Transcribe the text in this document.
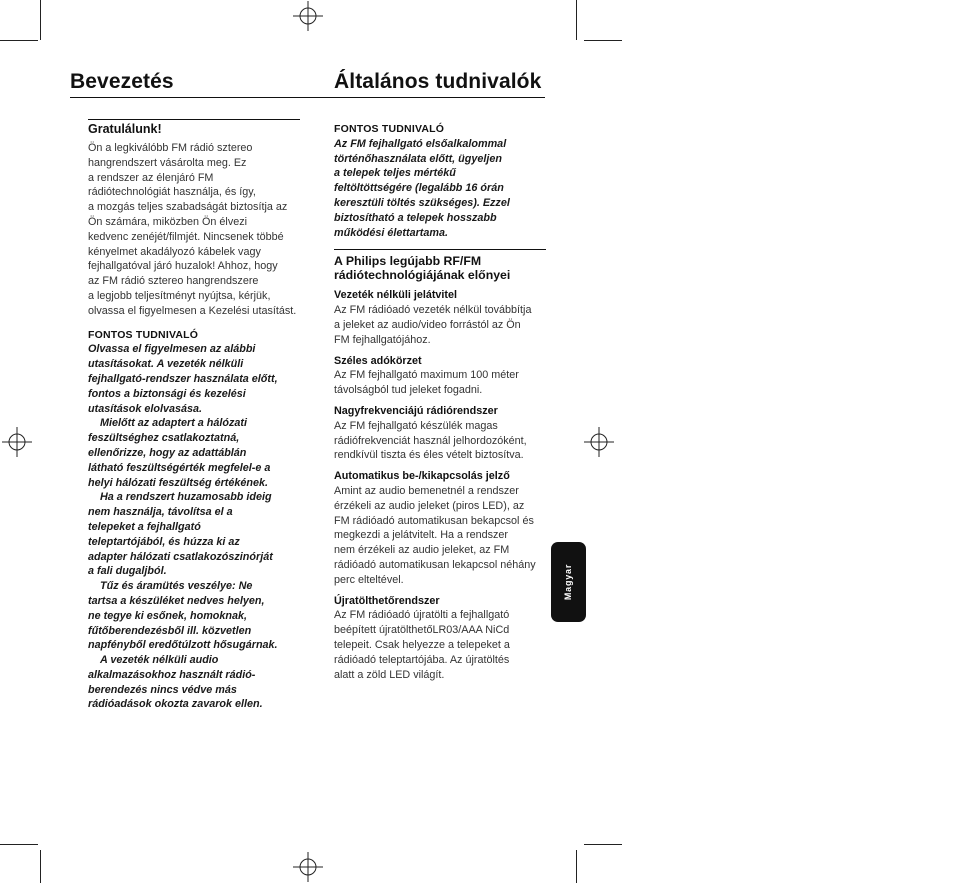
Bevezetés	Általános tudnivalók
Gratulálunk!

Ön a legkiválóbb FM rádió sztereo
hangrendszert vásárolta meg. Ez
a rendszer az élenjáró FM
rádiótechnológiát használja, és így,
a mozgás teljes szabadságát biztosítja az
Ön számára, miközben Ön élvezi
kedvenc zenéjét/filmjét. Nincsenek többé
kényelmet akadályozó kábelek vagy
fejhallgatóval járó huzalok! Ahhoz, hogy
az FM rádió sztereo hangrendszere
a legjobb teljesítményt nyújtsa, kérjük,
olvassa el figyelmesen a Kezelési utasítást.

FONTOS TUDNIVALÓ

Olvassa el figyelmesen az alábbi
utasításokat. A vezeték nélküli
fejhallgató-rendszer használata előtt,
fontos a biztonsági és kezelési
utasítások elolvasása.

Mielőtt az adaptert a hálózati
feszültséghez csatlakoztatná,
ellenőrizze, hogy az adattáblán
látható feszültségérték megfelel-e a
helyi hálózati feszültség értékének.

Ha a rendszert huzamosabb ideig
nem használja, távolítsa el a
telepeket a fejhallgató
teleptartójából, és húzza ki az
adapter hálózati csatlakozószinórját
a fali dugaljból.

Tűz és áramütés veszélye: Ne
tartsa a készüléket nedves helyen,
ne tegye ki esőnek, homoknak,
fűtőberendezésből ill. közvetlen
napfényből eredőtúlzott hősugárnak.

A vezeték nélküli audio
alkalmazásokhoz használt rádió-
berendezés nincs védve más
rádióadások okozta zavarok ellen.

FONTOS TUDNIVALÓ

Az FM fejhallgató elsőalkalommal
történőhasználata előtt, ügyeljen
a telepek teljes mértékű
feltöltöttségére (legalább 16 órán
keresztüli töltés szükséges). Ezzel
biztosítható a telepek hosszabb
működési élettartama.

A Philips legújabb RF/FM
rádiótechnológiájának előnyei
Vezeték nélküli jelátvitel

Az FM rádióadó vezeték nélkül továbbítja
a jeleket az audio/video forrástól az Ön
FM fejhallgatójához.

Széles adókörzet

Az FM fejhallgató maximum 100 méter
távolságból tud jeleket fogadni.

Nagyfrekvenciájú rádiórendszer

Az FM fejhallgató készülék magas
rádiófrekvenciát használ jelhordozóként,
rendkívül tiszta és éles vételt biztosítva.

Automatikus be-/kikapcsolás jelző

Amint az audio bemenetnél a rendszer
érzékeli az audio jeleket (piros LED), az
FM rádióadó automatikusan bekapcsol és
megkezdi a jelátvitelt. Ha a rendszer
nem érzékeli az audio jeleket, az FM
rádióadó automatikusan lekapcsol néhány
perc elteltével.

Újratölthetőrendszer

Az FM rádióadó újratölti a fejhallgató
beépített újratölthetőLR03/AAA NiCd
telepeit. Csak helyezze a telepeket a
rádióadó teleptartójába. Az újratöltés
alatt a zöld LED világít.

Magyar
